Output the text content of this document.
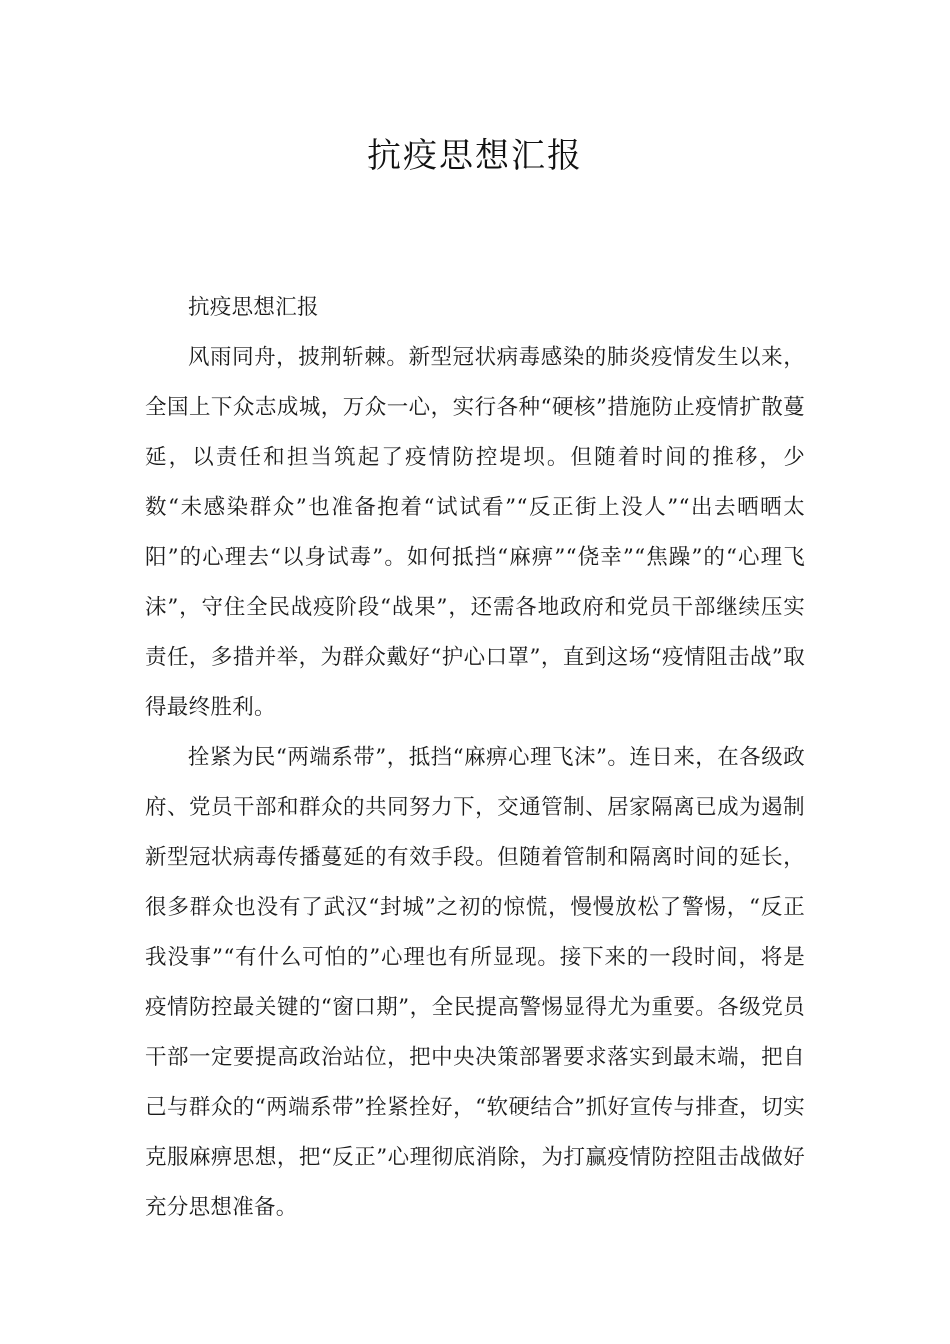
抗疫思想汇报

抗疫思想汇报

风雨同舟，披荆斩棘。新型冠状病毒感染的肺炎疫情发生以来，全国上下众志成城，万众一心，实行各种“硬核”措施防止疫情扩散蔓延，以责任和担当筑起了疫情防控堤坝。但随着时间的推移，少数“未感染群众”也准备抱着“试试看”“反正街上没人”“出去晒晒太阳”的心理去“以身试毒”。如何抵挡“麻痹”“侥幸”“焦躁”的“心理飞沫”，守住全民战疫阶段“战果”，还需各地政府和党员干部继续压实责任，多措并举，为群众戴好“护心口罩”，直到这场“疫情阻击战”取得最终胜利。

拴紧为民“两端系带”，抵挡“麻痹心理飞沫”。连日来，在各级政府、党员干部和群众的共同努力下，交通管制、居家隔离已成为遏制新型冠状病毒传播蔓延的有效手段。但随着管制和隔离时间的延长，很多群众也没有了武汉“封城”之初的惊慌，慢慢放松了警惕，“反正我没事”“有什么可怕的”心理也有所显现。接下来的一段时间，将是疫情防控最关键的“窗口期”，全民提高警惕显得尤为重要。各级党员干部一定要提高政治站位，把中央决策部署要求落实到最末端，把自己与群众的“两端系带”拴紧拴好，“软硬结合”抓好宣传与排查，切实克服麻痹思想，把“反正”心理彻底消除，为打赢疫情防控阻击战做好充分思想准备。
